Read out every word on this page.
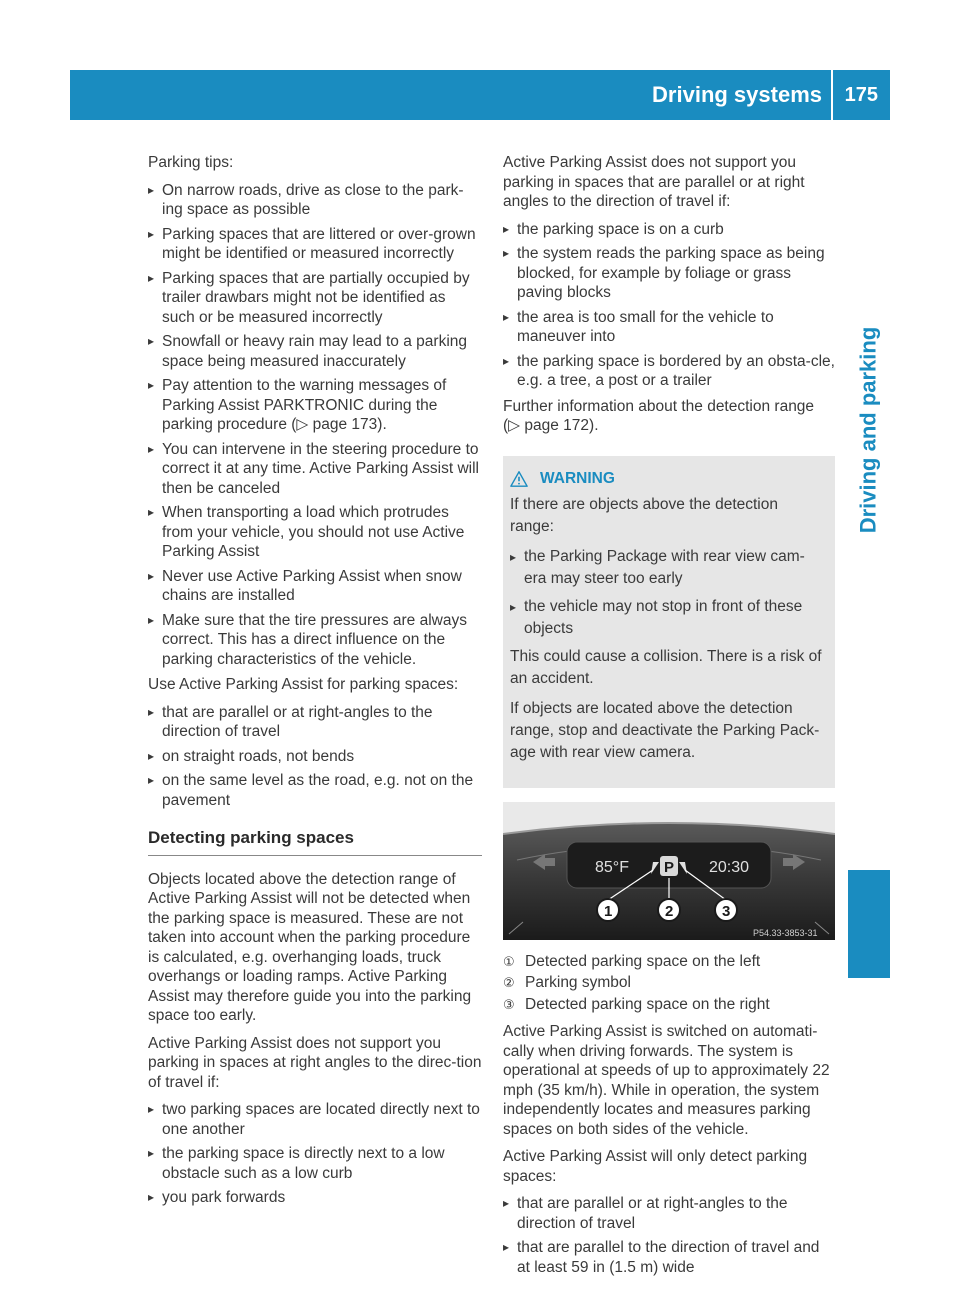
Driving systems 175
Driving and parking

Parking tips:

▸ On narrow roads, drive as close to the park-ing space as possible
▸ Parking spaces that are littered or over-grown might be identified or measured incorrectly
▸ Parking spaces that are partially occupied by trailer drawbars might not be identified as such or be measured incorrectly
▸ Snowfall or heavy rain may lead to a parking space being measured inaccurately
▸ Pay attention to the warning messages of Parking Assist PARKTRONIC during the parking procedure (▷ page 173).
▸ You can intervene in the steering procedure to correct it at any time. Active Parking Assist will then be canceled
▸ When transporting a load which protrudes from your vehicle, you should not use Active Parking Assist
▸ Never use Active Parking Assist when snow chains are installed
▸ Make sure that the tire pressures are always correct. This has a direct influence on the parking characteristics of the vehicle.

Use Active Parking Assist for parking spaces:

▸ that are parallel or at right-angles to the direction of travel
▸ on straight roads, not bends
▸ on the same level as the road, e.g. not on the pavement
Detecting parking spaces

Objects located above the detection range of Active Parking Assist will not be detected when the parking space is measured. These are not taken into account when the parking procedure is calculated, e.g. overhanging loads, truck overhangs or loading ramps. Active Parking Assist may therefore guide you into the parking space too early.

Active Parking Assist does not support you parking in spaces at right angles to the direc-tion of travel if:

▸ two parking spaces are located directly next to one another
▸ the parking space is directly next to a low obstacle such as a low curb
▸ you park forwards

Active Parking Assist does not support you parking in spaces that are parallel or at right angles to the direction of travel if:

▸ the parking space is on a curb
▸ the system reads the parking space as being blocked, for example by foliage or grass paving blocks
▸ the area is too small for the vehicle to maneuver into
▸ the parking space is bordered by an obsta-cle, e.g. a tree, a post or a trailer

Further information about the detection range (▷ page 172).

WARNING

If there are objects above the detection range:

▸ the Parking Package with rear view cam-era may steer too early
▸ the vehicle may not stop in front of these objects

This could cause a collision. There is a risk of an accident.

If objects are located above the detection range, stop and deactivate the Parking Pack-age with rear view camera.

85°F P 20:30
1	2	3
P54.33-3853-31
① Detected parking space on the left
② Parking symbol
③ Detected parking space on the right

Active Parking Assist is switched on automati-cally when driving forwards. The system is operational at speeds of up to approximately 22 mph (35 km/h). While in operation, the system independently locates and measures parking spaces on both sides of the vehicle.

Active Parking Assist will only detect parking spaces:

▸ that are parallel or at right-angles to the direction of travel
▸ that are parallel to the direction of travel and at least 59 in (1.5 m) wide
